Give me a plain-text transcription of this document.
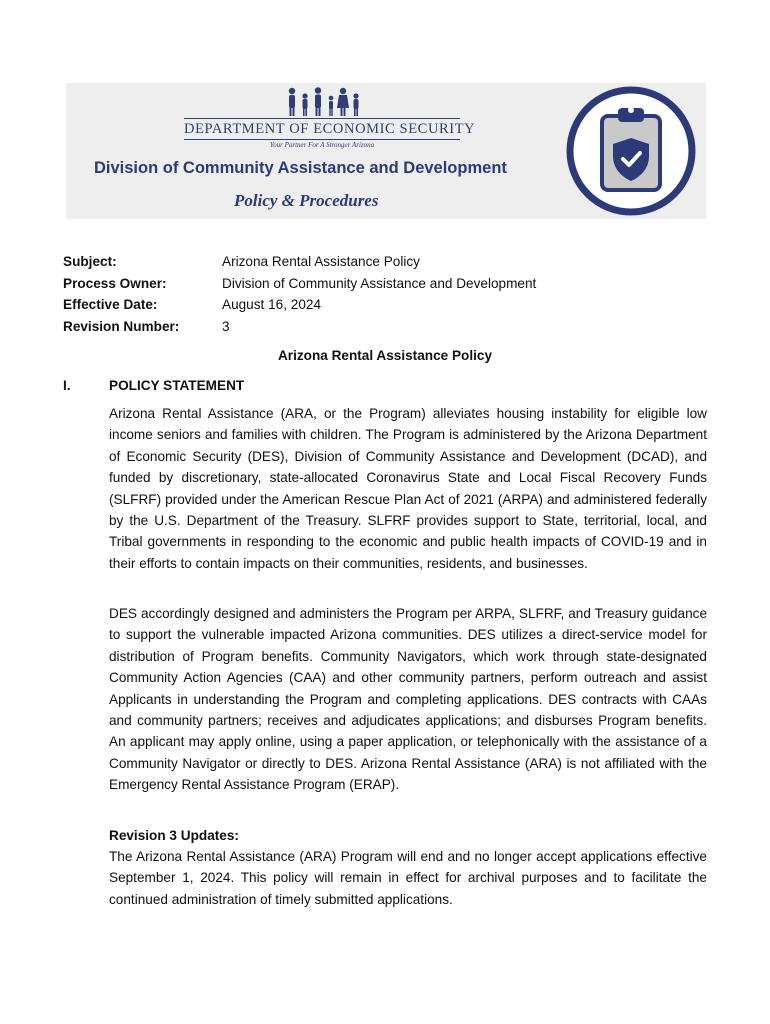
DEPARTMENT OF ECONOMIC SECURITY
Your Partner For A Stronger Arizona
Division of Community Assistance and Development
Policy & Procedures
Subject:	Arizona Rental Assistance Policy
Process Owner:	Division of Community Assistance and Development
Effective Date:	August 16, 2024
Revision Number:	3
Arizona Rental Assistance Policy
I.	POLICY STATEMENT

Arizona Rental Assistance (ARA, or the Program) alleviates housing instability for eligible low income seniors and families with children. The Program is administered by the Arizona Department of Economic Security (DES), Division of Community Assistance and Development (DCAD), and funded by discretionary, state-allocated Coronavirus State and Local Fiscal Recovery Funds (SLFRF) provided under the American Rescue Plan Act of 2021 (ARPA) and administered federally by the U.S. Department of the Treasury. SLFRF provides support to State, territorial, local, and Tribal governments in responding to the economic and public health impacts of COVID-19 and in their efforts to contain impacts on their communities, residents, and businesses.

DES accordingly designed and administers the Program per ARPA, SLFRF, and Treasury guidance to support the vulnerable impacted Arizona communities. DES utilizes a direct-service model for distribution of Program benefits. Community Navigators, which work through state-designated Community Action Agencies (CAA) and other community partners, perform outreach and assist Applicants in understanding the Program and completing applications. DES contracts with CAAs and community partners; receives and adjudicates applications; and disburses Program benefits. An applicant may apply online, using a paper application, or telephonically with the assistance of a Community Navigator or directly to DES. Arizona Rental Assistance (ARA) is not affiliated with the Emergency Rental Assistance Program (ERAP).

Revision 3 Updates:

The Arizona Rental Assistance (ARA) Program will end and no longer accept applications effective September 1, 2024. This policy will remain in effect for archival purposes and to facilitate the continued administration of timely submitted applications.
